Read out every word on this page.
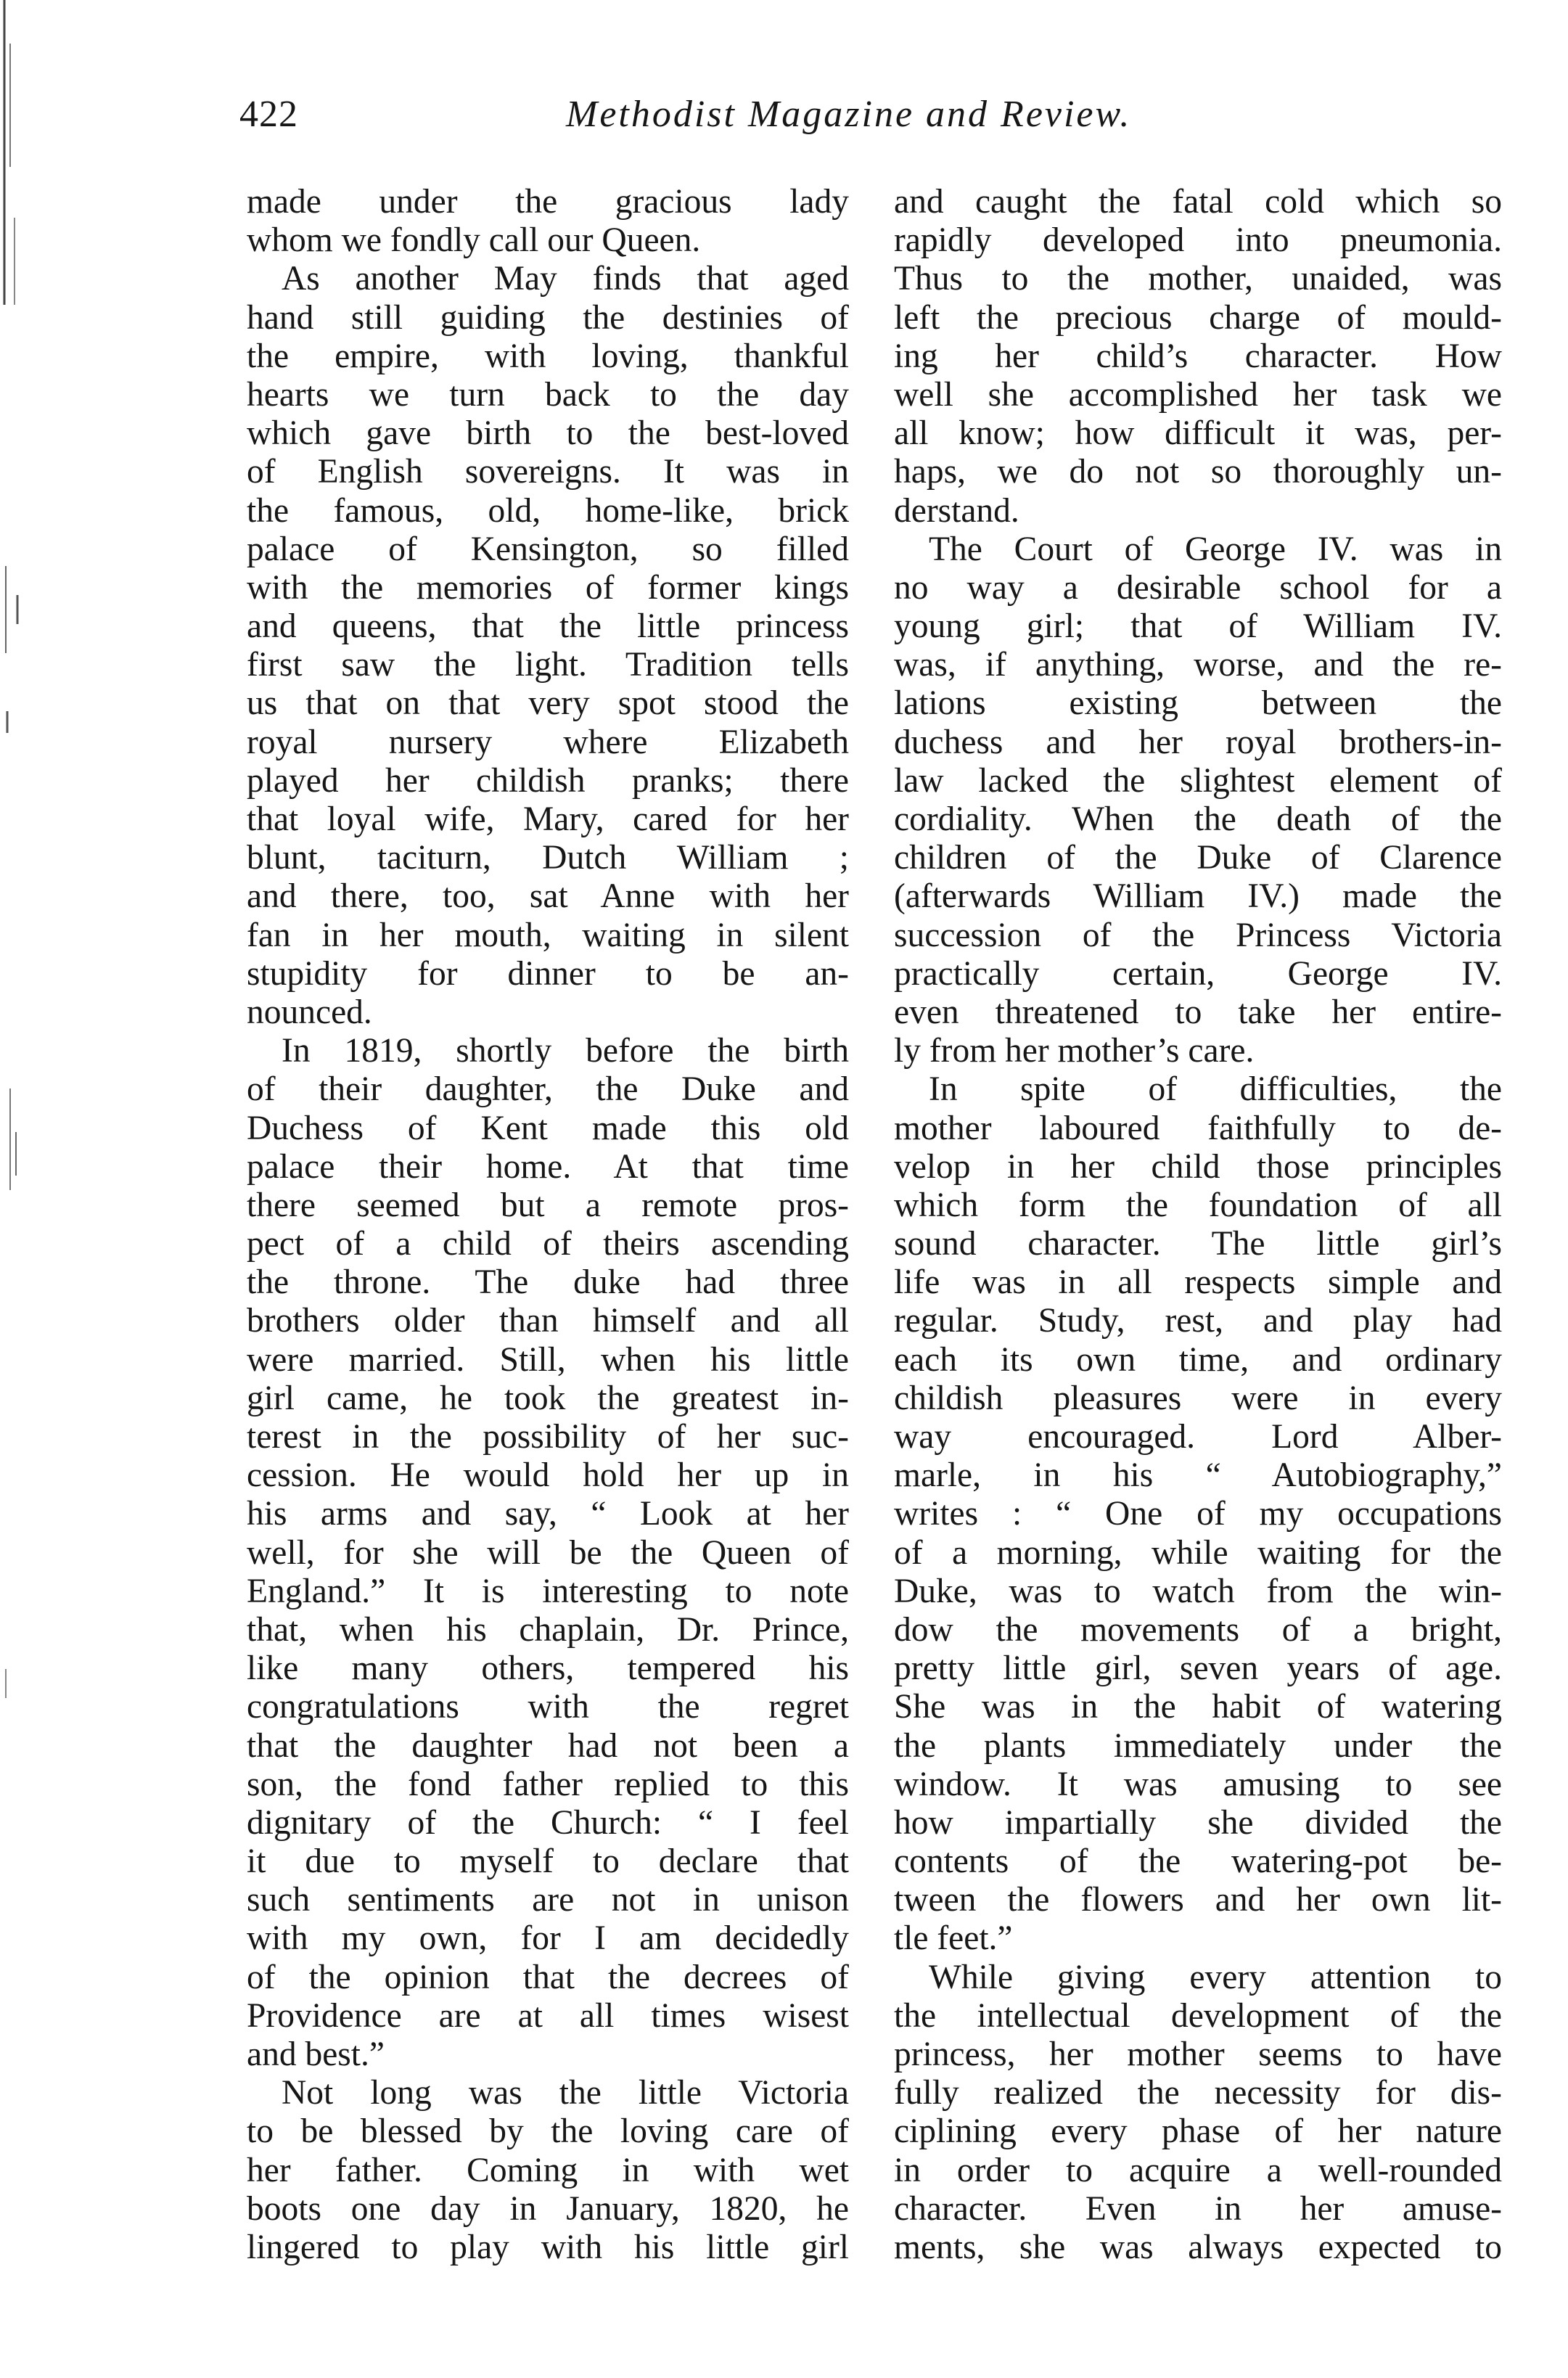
422	Methodist Magazine and Review.
made under the gracious lady
whom we fondly call our Queen.
As another May finds that aged
hand still guiding the destinies of
the empire, with loving, thankful
hearts we turn back to the day
which gave birth to the best-loved
of English sovereigns. It was in
the famous, old, home-like, brick
palace of Kensington, so filled
with the memories of former kings
and queens, that the little princess
first saw the light. Tradition tells
us that on that very spot stood the
royal nursery where Elizabeth
played her childish pranks; there
that loyal wife, Mary, cared for her
blunt, taciturn, Dutch William ;
and there, too, sat Anne with her
fan in her mouth, waiting in silent
stupidity for dinner to be an-
nounced.
In 1819, shortly before the birth
of their daughter, the Duke and
Duchess of Kent made this old
palace their home. At that time
there seemed but a remote pros-
pect of a child of theirs ascending
the throne. The duke had three
brothers older than himself and all
were married. Still, when his little
girl came, he took the greatest in-
terest in the possibility of her suc-
cession. He would hold her up in
his arms and say, “ Look at her
well, for she will be the Queen of
England.” It is interesting to note
that, when his chaplain, Dr. Prince,
like many others, tempered his
congratulations with the regret
that the daughter had not been a
son, the fond father replied to this
dignitary of the Church: “ I feel
it due to myself to declare that
such sentiments are not in unison
with my own, for I am decidedly
of the opinion that the decrees of
Providence are at all times wisest
and best.”
Not long was the little Victoria
to be blessed by the loving care of
her father. Coming in with wet
boots one day in January, 1820, he
lingered to play with his little girl
and caught the fatal cold which so
rapidly developed into pneumonia.
Thus to the mother, unaided, was
left the precious charge of mould-
ing her child’s character. How
well she accomplished her task we
all know; how difficult it was, per-
haps, we do not so thoroughly un-
derstand.
The Court of George IV. was in
no way a desirable school for a
young girl; that of William IV.
was, if anything, worse, and the re-
lations existing between the
duchess and her royal brothers-in-
law lacked the slightest element of
cordiality. When the death of the
children of the Duke of Clarence
(afterwards William IV.) made the
succession of the Princess Victoria
practically certain, George IV.
even threatened to take her entire-
ly from her mother’s care.
In spite of difficulties, the
mother laboured faithfully to de-
velop in her child those principles
which form the foundation of all
sound character. The little girl’s
life was in all respects simple and
regular. Study, rest, and play had
each its own time, and ordinary
childish pleasures were in every
way encouraged. Lord Alber-
marle, in his “ Autobiography,”
writes : “ One of my occupations
of a morning, while waiting for the
Duke, was to watch from the win-
dow the movements of a bright,
pretty little girl, seven years of age.
She was in the habit of watering
the plants immediately under the
window. It was amusing to see
how impartially she divided the
contents of the watering-pot be-
tween the flowers and her own lit-
tle feet.”
While giving every attention to
the intellectual development of the
princess, her mother seems to have
fully realized the necessity for dis-
ciplining every phase of her nature
in order to acquire a well-rounded
character. Even in her amuse-
ments, she was always expected to
